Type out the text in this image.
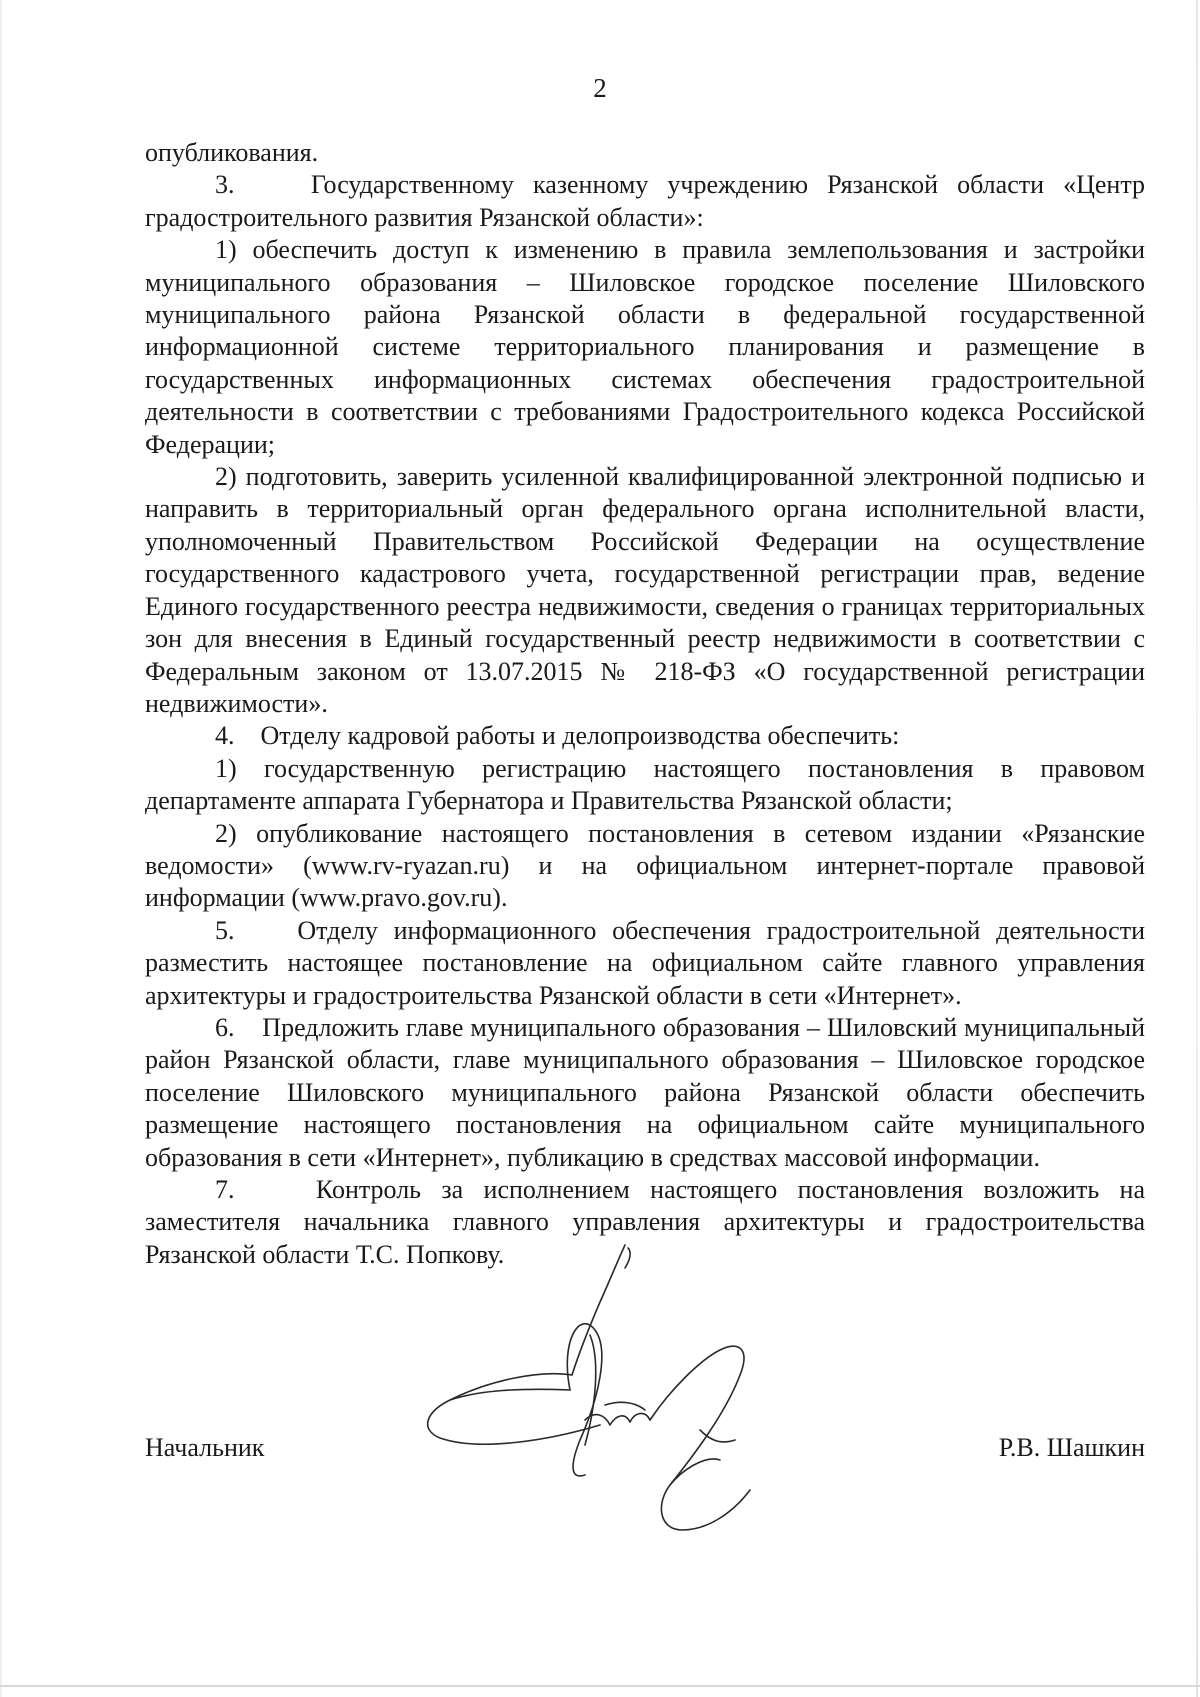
2

опубликования.

3.    Государственному казенному учреждению Рязанской области «Центр градостроительного развития Рязанской области»:

1) обеспечить доступ к изменению в правила землепользования и застройки муниципального образования – Шиловское городское поселение Шиловского муниципального района Рязанской области в федеральной государственной информационной системе территориального планирования и размещение в государственных информационных системах обеспечения градостроительной деятельности в соответствии с требованиями Градостроительного кодекса Российской Федерации;

2) подготовить, заверить усиленной квалифицированной электронной подписью и направить в территориальный орган федерального органа исполнительной власти, уполномоченный Правительством Российской Федерации на осуществление государственного кадастрового учета, государственной регистрации прав, ведение Единого государственного реестра недвижимости, сведения о границах территориальных зон для внесения в Единый государственный реестр недвижимости в соответствии с Федеральным законом от 13.07.2015 № 218-ФЗ «О государственной регистрации недвижимости».

4.    Отделу кадровой работы и делопроизводства обеспечить:

1) государственную регистрацию настоящего постановления в правовом департаменте аппарата Губернатора и Правительства Рязанской области;

2) опубликование настоящего постановления в сетевом издании «Рязанские ведомости» (www.rv-ryazan.ru) и на официальном интернет-портале правовой информации (www.pravo.gov.ru).

5.    Отделу информационного обеспечения градостроительной деятельности разместить настоящее постановление на официальном сайте главного управления архитектуры и градостроительства Рязанской области в сети «Интернет».

6.    Предложить главе муниципального образования – Шиловский муниципальный район Рязанской области, главе муниципального образования – Шиловское городское поселение Шиловского муниципального района Рязанской области обеспечить размещение настоящего постановления на официальном сайте муниципального образования в сети «Интернет», публикацию в средствах массовой информации.

7.    Контроль за исполнением настоящего постановления возложить на заместителя начальника главного управления архитектуры и градостроительства Рязанской области Т.С. Попкову.

Начальник	Р.В. Шашкин
